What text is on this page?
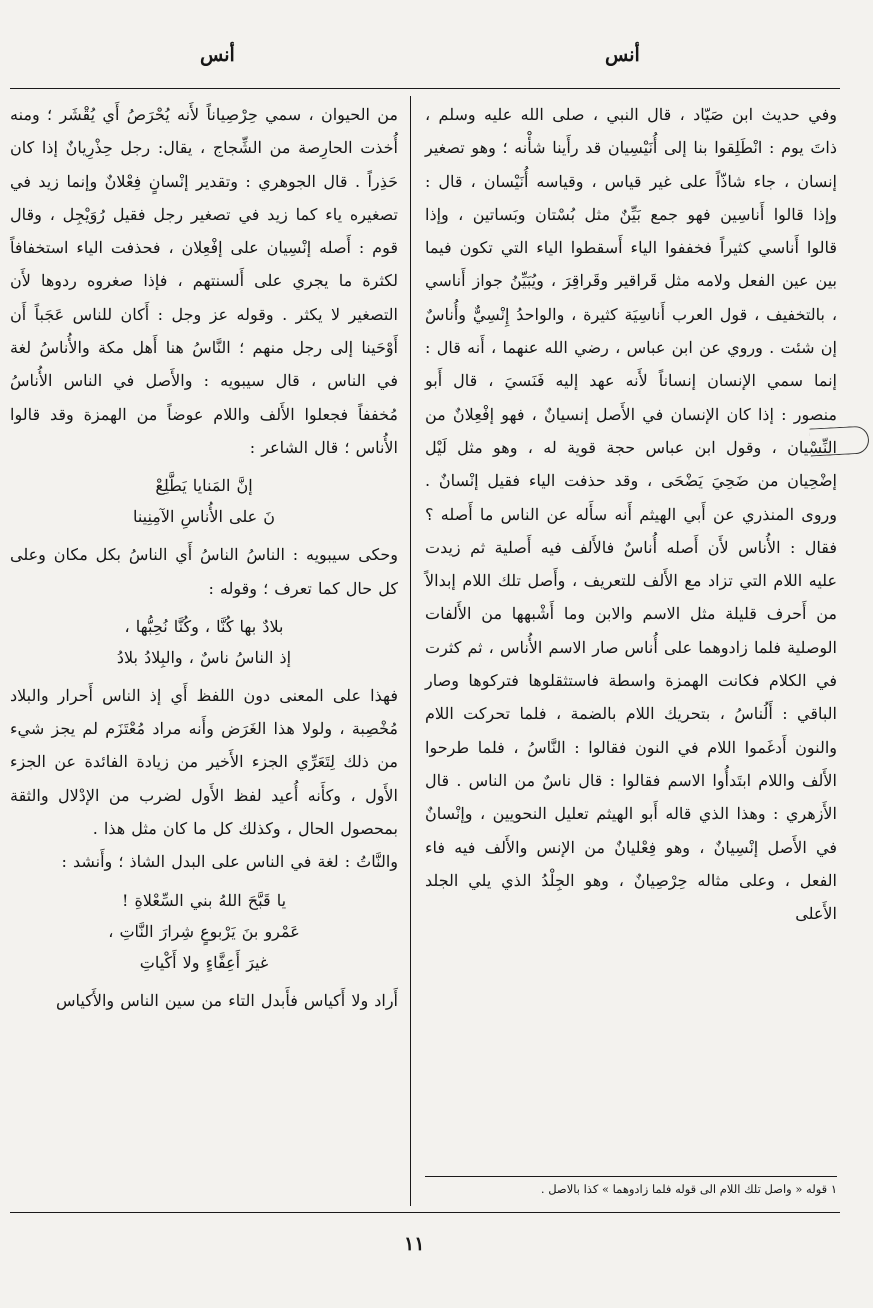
أنس
أنس

وفي حديث ابن صَيّاد ، قال النبي ، صلى الله عليه وسلم ، ذاتَ يوم : انْطَلِقوا بنا إلى أُنَيْسِيان قد رأَينا شأْنه ؛ وهو تصغير إنسان ، جاء شاذّاً على غير قياس ، وقياسه أُنَيْسان ، قال : وإذا قالوا أَناسِين فهو جمع بَيِّنٌ مثل بُسْتان وبَساتين ، وإذا قالوا أَناسي كثيراً فخففوا الياء أَسقطوا الياء التي تكون فيما بين عين الفعل ولامه مثل قَراقير وقَراقِرَ ، ويُبَيِّنُ جواز أَناسي ، بالتخفيف ، قول العرب أَناسِيَة كثيرة ، والواحدُ إِنْسِيٌّ وأُناسٌ إن شئت . وروي عن ابن عباس ، رضي الله عنهما ، أَنه قال : إنما سمي الإنسان إنساناً لأَنه عهد إليه فَنَسيَ ، قال أَبو منصور : إذا كان الإنسان في الأَصل إنسيانٌ ، فهو إفْعِلانٌ من النِّسْيان ، وقول ابن عباس حجة قوية له ، وهو مثل لَيْل إضْحِيان من ضَحِيَ يَضْحَى ، وقد حذفت الياء فقيل إنْسانٌ . وروى المنذري عن أَبي الهيثم أَنه سأَله عن الناس ما أَصله ؟ فقال : الأُناس لأَن أَصله أُناسٌ فالأَلف فيه أَصلية ثم زيدت عليه اللام التي تزاد مع الأَلف للتعريف ، وأَصل تلك اللام إبدالاً من أَحرف قليلة مثل الاسم والابن وما أَشْبهها من الأَلفات الوصلية فلما زادوهما على أُناس صار الاسم الأُناس ، ثم كثرت في الكلام فكانت الهمزة واسطة فاستثقلوها فتركوها وصار الباقي : أَلُناسُ ، بتحريك اللام بالضمة ، فلما تحركت اللام والنون أَدغَموا اللام في النون فقالوا : النَّاسُ ، فلما طرحوا الأَلف واللام ابتَدأُوا الاسم فقالوا : قال ناسٌ من الناس . قال الأَزهري : وهذا الذي قاله أَبو الهيثم تعليل النحويين ، وإنْسانٌ في الأَصل إنْسِيانٌ ، وهو فِعْليانٌ من الإنس والأَلف فيه فاء الفعل ، وعلى مثاله حِرْصِيانٌ ، وهو الجِلْدُ الذي يلي الجلد الأَعلى

من الحيوان ، سمي حِرْصِياناً لأَنه يُحْرَصُ أَي يُقْشَر ؛ ومنه أُخذت الحارِصة من الشِّجاج ، يقال: رجل حِذْرِيانٌ إذا كان حَذِراً . قال الجوهري : وتقدير إنْسانٍ فِعْلانٌ وإنما زيد في تصغيره ياء كما زيد في تصغير رجل فقيل رُوَيْجِل ، وقال قوم : أَصله إنْسِيان على إفْعِلان ، فحذفت الياء استخفافاً لكثرة ما يجري على أَلسنتهم ، فإذا صغروه ردوها لأَن التصغير لا يكثر . وقوله عز وجل : أَكان للناس عَجَباً أَن أَوْحَينا إلى رجل منهم ؛ النَّاسُ هنا أَهل مكة والأُناسُ لغة في الناس ، قال سيبويه : والأَصل في الناس الأُناسُ مُخففاً فجعلوا الأَلف واللام عوضاً من الهمزة وقد قالوا الأُناس ؛ قال الشاعر :

إنَّ المَنايا يَطَّلِعْ
نَ على الأُناسِ الآمِنِينا

وحكى سيبويه : الناسُ الناسُ أَي الناسُ بكل مكان وعلى كل حال كما تعرف ؛ وقوله :

بلادٌ بها كُنَّا ، وكُنَّا نُحِبُّها ،
إذ الناسُ ناسٌ ، والبِلادُ بلادُ

فهذا على المعنى دون اللفظ أَي إذ الناس أَحرار والبلاد مُخْصِبة ، ولولا هذا الغَرَض وأَنه مراد مُعْتَزَم لم يجز شيء من ذلك لِتَعَرِّي الجزء الأَخير من زيادة الفائدة عن الجزء الأَول ، وكأَنه أُعيد لفظ الأَول لضرب من الإدْلال والثقة بمحصول الحال ، وكذلك كل ما كان مثل هذا .

والنَّاتُ : لغة في الناس على البدل الشاذ ؛ وأَنشد :

يا قَبَّحَ اللهُ بني السِّعْلاةِ !
عَمْرو بنَ يَرْبوعٍ شِرارَ النَّاتِ ،
غيرَ أَعِفَّاءٍ ولا أَكْياتِ

أَراد ولا أَكياس فأَبدل التاء من سين الناس والأَكياس

١ قوله « واصل تلك اللام الى قوله فلما زادوهما » كذا بالاصل .
١١
